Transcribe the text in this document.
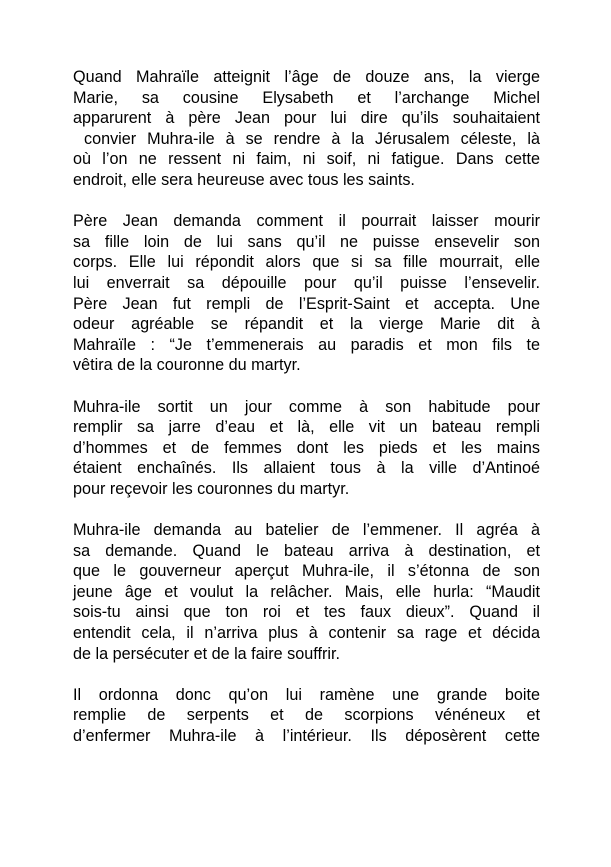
Quand Mahraïle atteignit l’âge de douze ans, la vierge
Marie, sa cousine Elysabeth et l’archange Michel
apparurent à père Jean pour lui dire qu’ils souhaitaient
convier Muhra-ile à se rendre à la Jérusalem céleste, là
où l’on ne ressent ni faim, ni soif, ni fatigue. Dans cette
endroit, elle sera heureuse avec tous les saints.

Père Jean demanda comment il pourrait laisser mourir
sa fille loin de lui sans qu’il ne puisse ensevelir son
corps. Elle lui répondit alors que si sa fille mourrait, elle
lui enverrait sa dépouille pour qu’il puisse l’ensevelir.
Père Jean fut rempli de l’Esprit-Saint et accepta. Une
odeur agréable se répandit et la vierge Marie dit à
Mahraïle : “Je t’emmenerais au paradis et mon fils te
vêtira de la couronne du martyr.

Muhra-ile sortit un jour comme à son habitude pour
remplir sa jarre d’eau et là, elle vit un bateau rempli
d’hommes et de femmes dont les pieds et les mains
étaient enchaînés. Ils allaient tous à la ville d’Antinoé
pour reçevoir les couronnes du martyr.

Muhra-ile demanda au batelier de l’emmener. Il agréa à
sa demande. Quand le bateau arriva à destination, et
que le gouverneur aperçut Muhra-ile, il s’étonna de son
jeune âge et voulut la relâcher. Mais, elle hurla: “Maudit
sois-tu ainsi que ton roi et tes faux dieux”. Quand il
entendit cela, il n’arriva plus à contenir sa rage et décida
de la persécuter et de la faire souffrir.

Il ordonna donc qu’on lui ramène une grande boite
remplie de serpents et de scorpions vénéneux et
d’enfermer Muhra-ile à l’intérieur. Ils déposèrent cette
